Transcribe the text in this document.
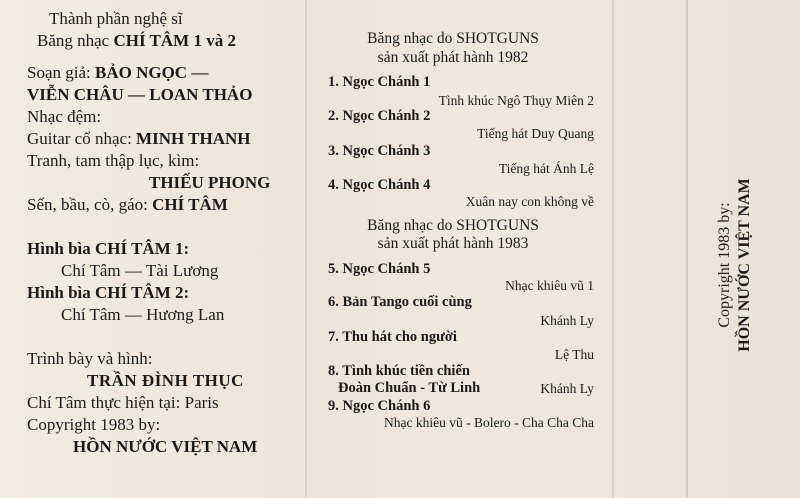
Thành phần nghệ sĩ
Băng nhạc CHÍ TÂM 1 và 2
Soạn giả: BẢO NGỌC —
VIỄN CHÂU — LOAN THẢO
Nhạc đệm:
Guitar cổ nhạc: MINH THANH
Tranh, tam thập lục, kìm:
THIẾU PHONG
Sến, bầu, cò, gáo: CHÍ TÂM
Hình bìa CHÍ TÂM 1:
Chí Tâm — Tài Lương
Hình bìa CHÍ TÂM 2:
Chí Tâm — Hương Lan
Trình bày và hình:
TRẦN ĐÌNH THỤC
Chí Tâm thực hiện tại: Paris
Copyright 1983 by:
HỒN NƯỚC VIỆT NAM
Băng nhạc do SHOTGUNS
sản xuất phát hành 1982
1. Ngọc Chánh 1
Tình khúc Ngô Thụy Miên 2
2. Ngọc Chánh 2
Tiếng hát Duy Quang
3. Ngọc Chánh 3
Tiếng hát Ánh Lệ
4. Ngọc Chánh 4
Xuân nay con không về
Băng nhạc do SHOTGUNS
sản xuất phát hành 1983
5. Ngọc Chánh 5
Nhạc khiêu vũ 1
6. Bản Tango cuối cùng
Khánh Ly
7. Thu hát cho người
Lệ Thu
8. Tình khúc tiền chiến
Đoàn Chuẩn - Từ Linh	Khánh Ly
9. Ngọc Chánh 6
Nhạc khiêu vũ - Bolero - Cha Cha Cha
Copyright 1983 by: HỒN NƯỚC VIỆT NAM
